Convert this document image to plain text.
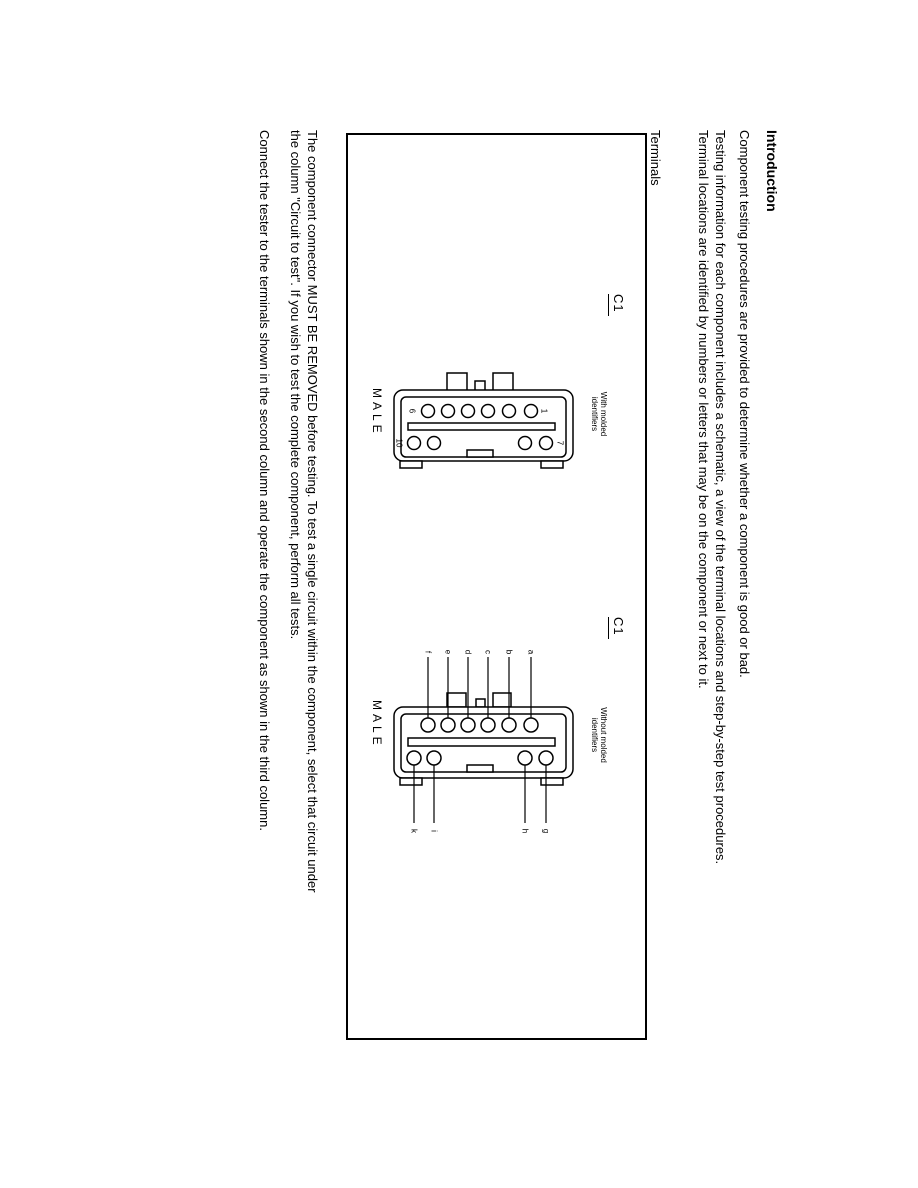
Introduction
Component testing procedures are provided to determine whether a component is good or bad.
Testing information for each component includes a schematic, a view of the terminal locations and step-by-step test procedures.
Terminal locations are identified by numbers or letters that may be on the component or next to it.
Terminals
C1
With molded
identifiers
MALE
C1
Without molded
identifiers
MALE
The component connector MUST BE REMOVED before testing. To test a single circuit within the component, select that circuit under
the column "Circuit to test". If you wish to test the complete component, perform all tests.
Connect the tester to the terminals shown in the second column and operate the component as shown in the third column.	6	1
10	7
f e d c b a
k i	h g
